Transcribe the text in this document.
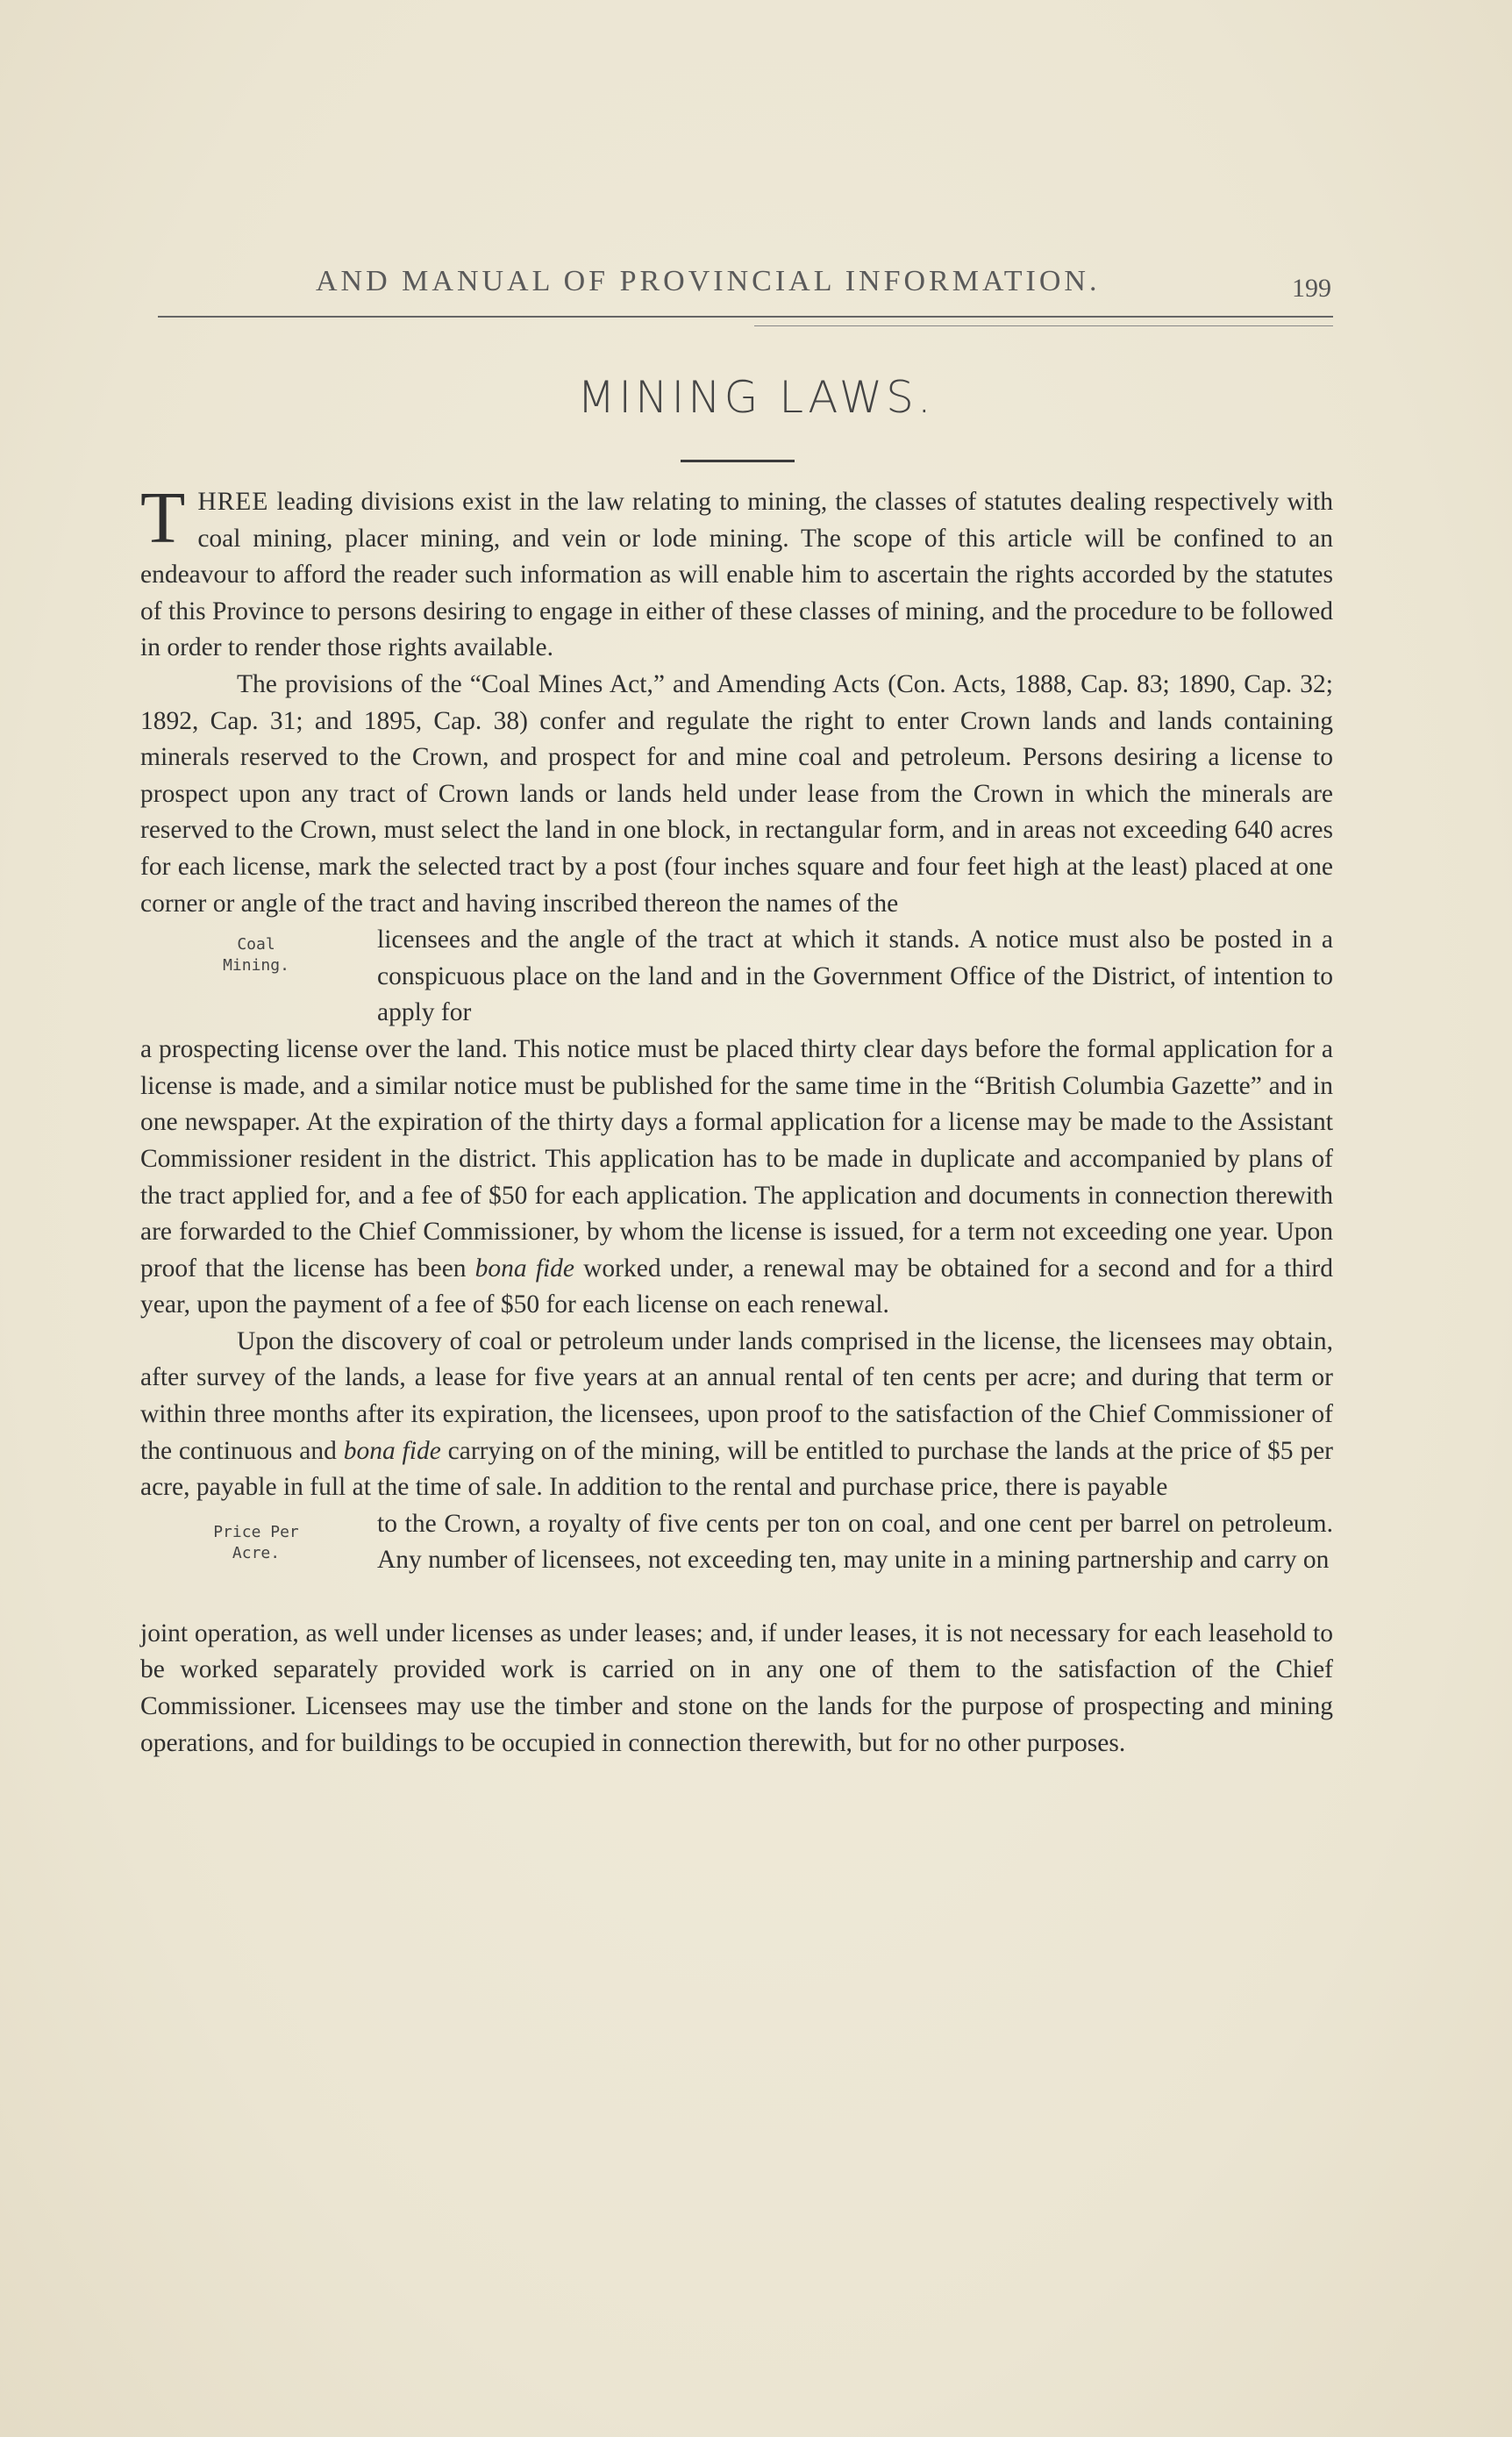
AND MANUAL OF PROVINCIAL INFORMATION.	199
MINING LAWS.

THREE leading divisions exist in the law relating to mining, the classes of statutes dealing respectively with coal mining, placer mining, and vein or lode mining. The scope of this article will be confined to an endeavour to afford the reader such information as will enable him to ascertain the rights accorded by the statutes of this Province to persons desiring to engage in either of these classes of mining, and the procedure to be followed in order to render those rights available.

The provisions of the “Coal Mines Act,” and Amending Acts (Con. Acts, 1888, Cap. 83; 1890, Cap. 32; 1892, Cap. 31; and 1895, Cap. 38) confer and regulate the right to enter Crown lands and lands containing minerals reserved to the Crown, and prospect for and mine coal and petroleum. Persons desiring a license to prospect upon any tract of Crown lands or lands held under lease from the Crown in which the minerals are reserved to the Crown, must select the land in one block, in rectangular form, and in areas not exceeding 640 acres for each license, mark the selected tract by a post (four inches square and four feet high at the least) placed at one corner or angle of the tract and having inscribed thereon the names of the

Coal Mining.

licensees and the angle of the tract at which it stands. A notice must also be posted in a conspicuous place on the land and in the Government Office of the District, of intention to apply for

a prospecting license over the land. This notice must be placed thirty clear days before the formal application for a license is made, and a similar notice must be published for the same time in the “British Columbia Gazette” and in one newspaper. At the expiration of the thirty days a formal application for a license may be made to the Assistant Commissioner resident in the district. This application has to be made in duplicate and accompanied by plans of the tract applied for, and a fee of $50 for each application. The application and documents in connection therewith are forwarded to the Chief Commissioner, by whom the license is issued, for a term not exceeding one year. Upon proof that the license has been bona fide worked under, a renewal may be obtained for a second and for a third year, upon the payment of a fee of $50 for each license on each renewal.

Upon the discovery of coal or petroleum under lands comprised in the license, the licensees may obtain, after survey of the lands, a lease for five years at an annual rental of ten cents per acre; and during that term or within three months after its expiration, the licensees, upon proof to the satisfaction of the Chief Commissioner of the continuous and bona fide carrying on of the mining, will be entitled to purchase the lands at the price of $5 per acre, payable in full at the time of sale. In addition to the rental and purchase price, there is payable

Price Per Acre.

to the Crown, a royalty of five cents per ton on coal, and one cent per barrel on petroleum. Any number of licensees, not exceeding ten, may unite in a mining partnership and carry on

joint operation, as well under licenses as under leases; and, if under leases, it is not necessary for each leasehold to be worked separately provided work is carried on in any one of them to the satisfaction of the Chief Commissioner. Licensees may use the timber and stone on the lands for the purpose of prospecting and mining operations, and for buildings to be occupied in connection therewith, but for no other purposes.
